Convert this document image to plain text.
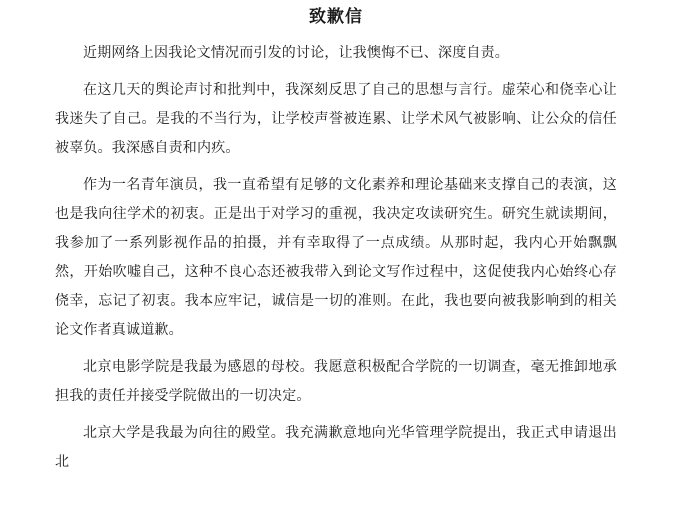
致歉信

近期网络上因我论文情况而引发的讨论，让我懊悔不已、深度自责。

在这几天的舆论声讨和批判中，我深刻反思了自己的思想与言行。虚荣心和侥幸心让我迷失了自己。是我的不当行为，让学校声誉被连累、让学术风气被影响、让公众的信任被辜负。我深感自责和内疚。

作为一名青年演员，我一直希望有足够的文化素养和理论基础来支撑自己的表演，这也是我向往学术的初衷。正是出于对学习的重视，我决定攻读研究生。研究生就读期间，我参加了一系列影视作品的拍摄，并有幸取得了一点成绩。从那时起，我内心开始飘飘然，开始吹嘘自己，这种不良心态还被我带入到论文写作过程中，这促使我内心始终心存侥幸，忘记了初衷。我本应牢记，诚信是一切的准则。在此，我也要向被我影响到的相关论文作者真诚道歉。

北京电影学院是我最为感恩的母校。我愿意积极配合学院的一切调查，毫无推卸地承担我的责任并接受学院做出的一切决定。

北京大学是我最为向往的殿堂。我充满歉意地向光华管理学院提出，我正式申请退出北
